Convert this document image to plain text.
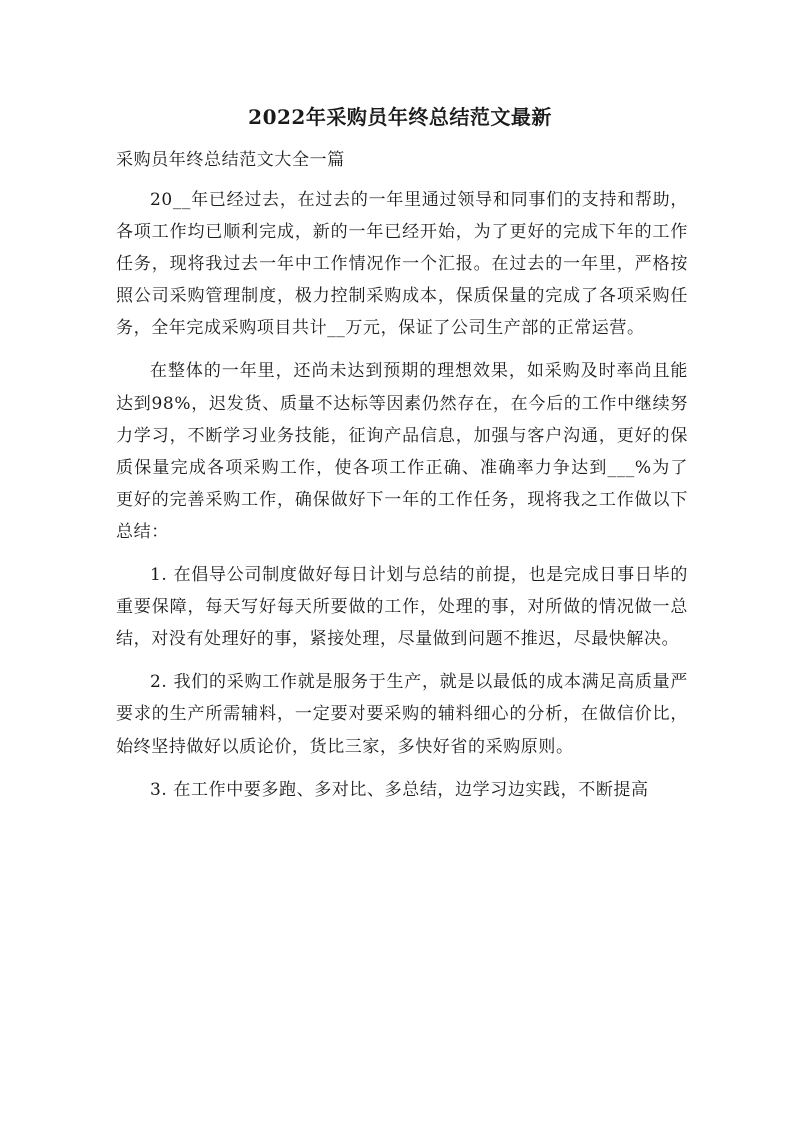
2022年采购员年终总结范文最新
采购员年终总结范文大全一篇

20__年已经过去，在过去的一年里通过领导和同事们的支持和帮助，各项工作均已顺利完成，新的一年已经开始，为了更好的完成下年的工作任务，现将我过去一年中工作情况作一个汇报。在过去的一年里，严格按照公司采购管理制度，极力控制采购成本，保质保量的完成了各项采购任务，全年完成采购项目共计__万元，保证了公司生产部的正常运营。

在整体的一年里，还尚未达到预期的理想效果，如采购及时率尚且能达到98%，迟发货、质量不达标等因素仍然存在，在今后的工作中继续努力学习，不断学习业务技能，征询产品信息，加强与客户沟通，更好的保质保量完成各项采购工作，使各项工作正确、准确率力争达到___%为了更好的完善采购工作，确保做好下一年的工作任务，现将我之工作做以下总结：

1. 在倡导公司制度做好每日计划与总结的前提，也是完成日事日毕的重要保障，每天写好每天所要做的工作，处理的事，对所做的情况做一总结，对没有处理好的事，紧接处理，尽量做到问题不推迟，尽最快解决。

2. 我们的采购工作就是服务于生产，就是以最低的成本满足高质量严要求的生产所需辅料，一定要对要采购的辅料细心的分析，在做信价比，始终坚持做好以质论价，货比三家，多快好省的采购原则。

3. 在工作中要多跑、多对比、多总结，边学习边实践，不断提高
